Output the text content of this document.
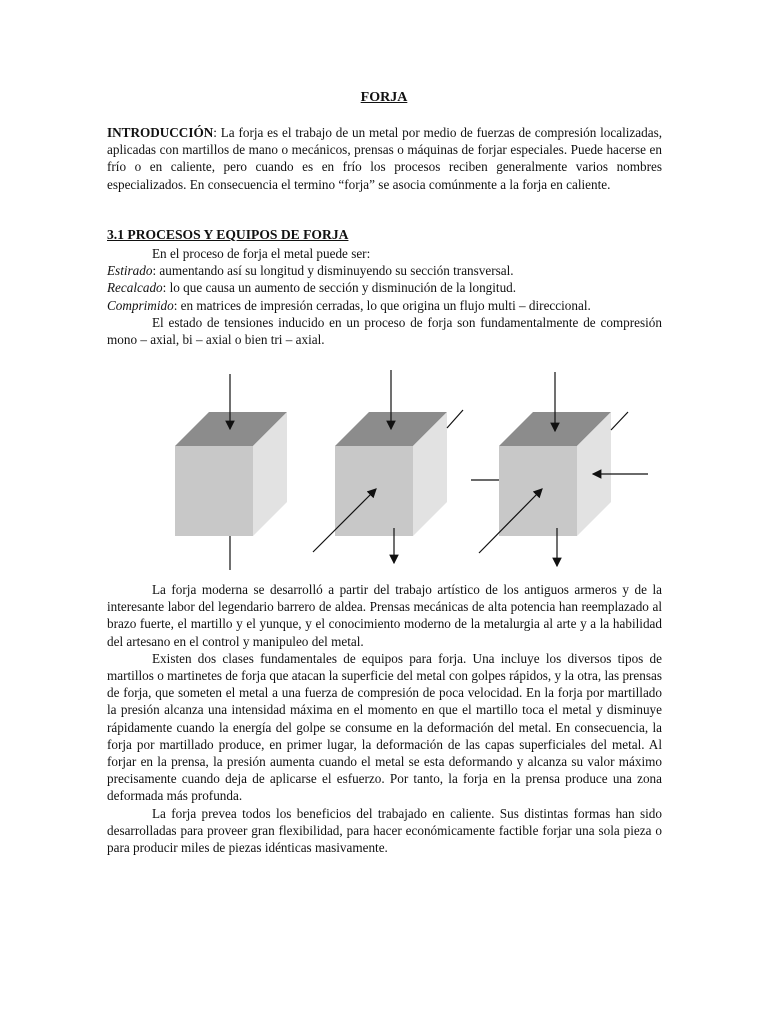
FORJA

INTRODUCCIÓN: La forja es el trabajo de un metal por medio de fuerzas de compresión localizadas, aplicadas con martillos de mano o mecánicos, prensas o máquinas de forjar especiales. Puede hacerse en frío o en caliente, pero cuando es en frío los procesos reciben generalmente varios nombres especializados. En consecuencia el termino “forja” se asocia comúnmente a la forja en caliente.

3.1 PROCESOS Y EQUIPOS DE FORJA

En el proceso de forja el metal puede ser:

Estirado: aumentando así su longitud y disminuyendo su sección transversal.

Recalcado: lo que causa un aumento de sección y disminución de la longitud.

Comprimido: en matrices de impresión cerradas, lo que origina un flujo multi – direccional.

El estado de tensiones inducido en un proceso de forja son fundamentalmente de compresión mono – axial, bi – axial o bien tri – axial.

La forja moderna se desarrolló a partir del trabajo artístico de los antiguos armeros y de la interesante labor del legendario barrero de aldea. Prensas mecánicas de alta potencia han reemplazado al brazo fuerte, el martillo y el yunque, y el conocimiento moderno de la metalurgia al arte y a la habilidad del artesano en el control y manipuleo del metal.

Existen dos clases fundamentales de equipos para forja. Una incluye los diversos tipos de martillos o martinetes de forja que atacan la superficie del metal con golpes rápidos, y la otra, las prensas de forja, que someten el metal a una fuerza de compresión de poca velocidad. En la forja por martillado la presión alcanza una intensidad máxima en el momento en que el martillo toca el metal y disminuye rápidamente cuando la energía del golpe se consume en la deformación del metal. En consecuencia, la forja por martillado produce, en primer lugar, la deformación de las capas superficiales del metal. Al forjar en la prensa, la presión aumenta cuando el metal se esta deformando y alcanza su valor máximo precisamente cuando deja de aplicarse el esfuerzo. Por tanto, la forja en la prensa produce una zona deformada más profunda.

La forja prevea todos los beneficios del trabajado en caliente. Sus distintas formas han sido desarrolladas para proveer gran flexibilidad, para hacer económicamente factible forjar una sola pieza o para producir miles de piezas idénticas masivamente.
